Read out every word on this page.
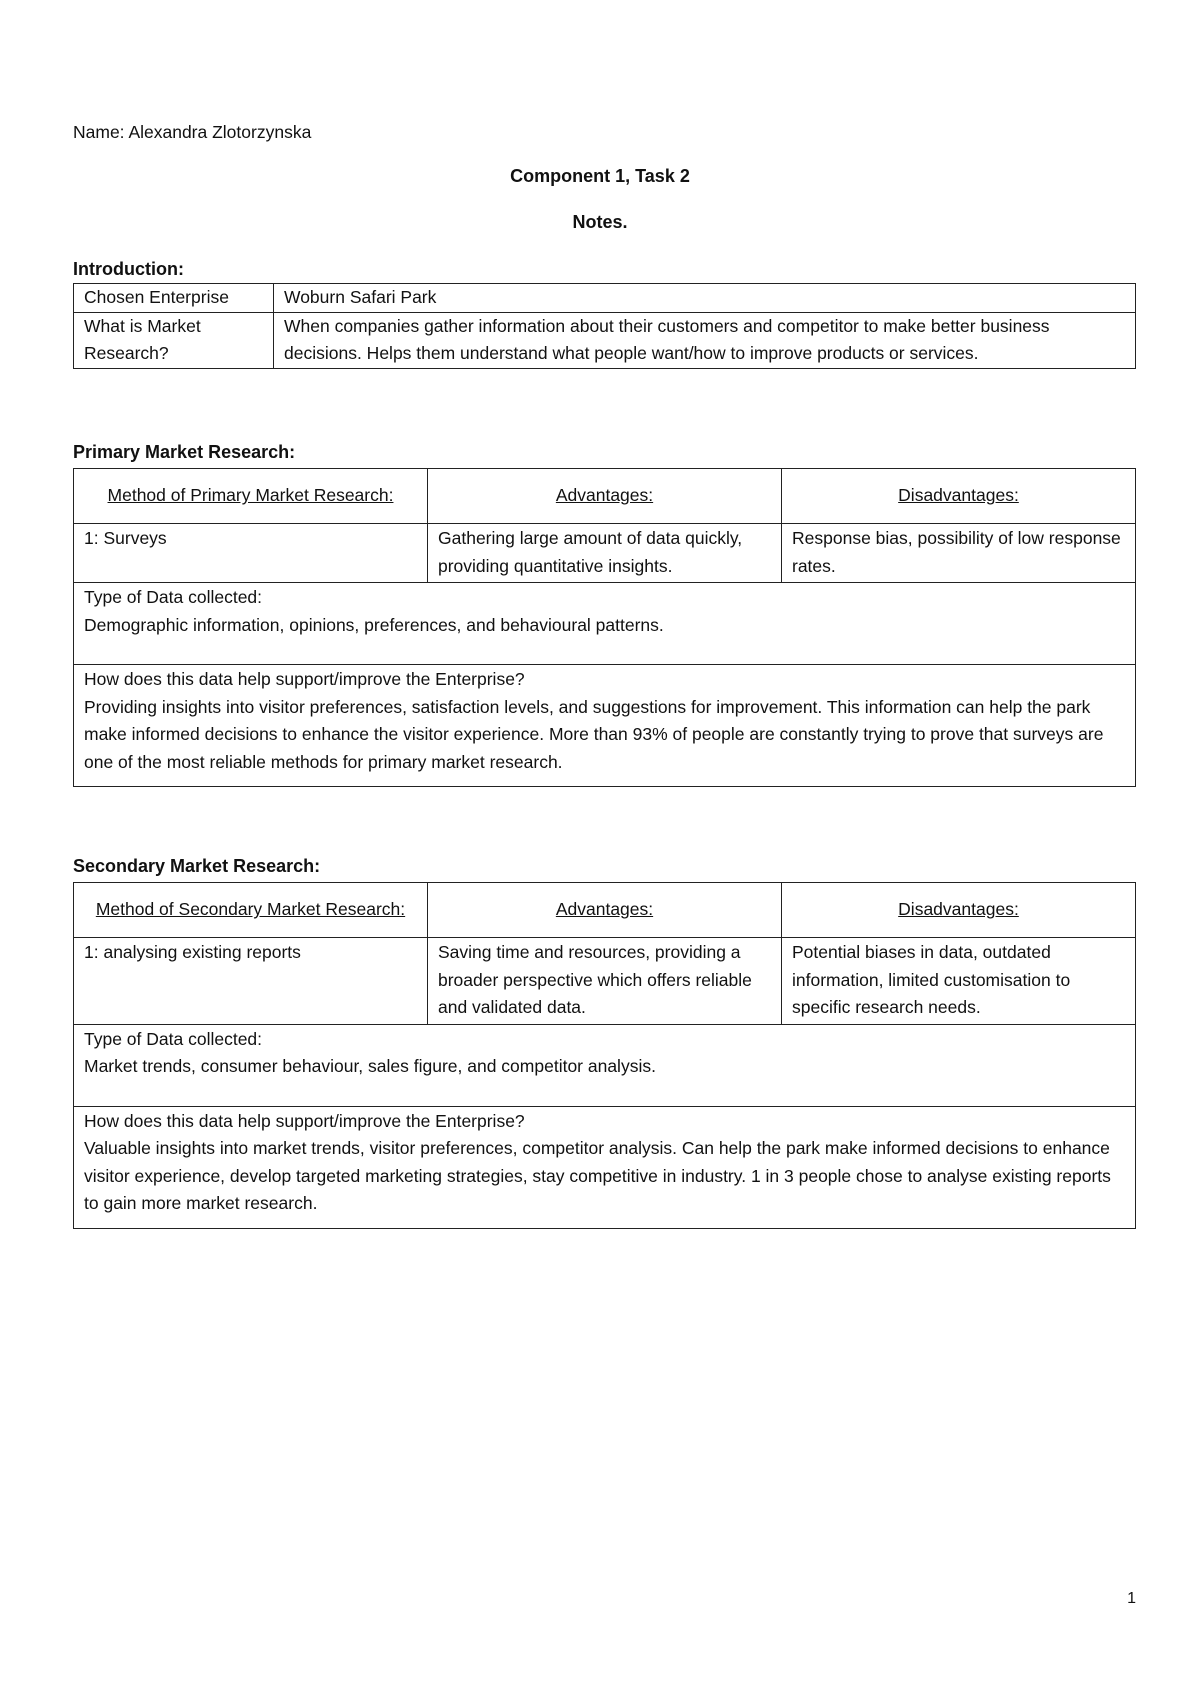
Name: Alexandra Zlotorzynska
Component 1, Task 2
Notes.
Introduction:
Chosen Enterprise	Woburn Safari Park
What is Market Research?	When companies gather information about their customers and competitor to make better business decisions. Helps them understand what people want/how to improve products or services.
Primary Market Research:
Method of Primary Market Research:	Advantages:	Disadvantages:
1: Surveys	Gathering large amount of data quickly, providing quantitative insights.	Response bias, possibility of low response rates.

Type of Data collected:
Demographic information, opinions, preferences, and behavioural patterns.		

How does this data help support/improve the Enterprise?
Providing insights into visitor preferences, satisfaction levels, and suggestions for improvement. This information can help the park make informed decisions to enhance the visitor experience. More than 93% of people are constantly trying to prove that surveys are one of the most reliable methods for primary market research.		
Secondary Market Research:
Method of Secondary Market Research:	Advantages:	Disadvantages:
1: analysing existing reports	Saving time and resources, providing a broader perspective which offers reliable and validated data.	Potential biases in data, outdated information, limited customisation to specific research needs.

Type of Data collected:
Market trends, consumer behaviour, sales figure, and competitor analysis.		

How does this data help support/improve the Enterprise?
Valuable insights into market trends, visitor preferences, competitor analysis. Can help the park make informed decisions to enhance visitor experience, develop targeted marketing strategies, stay competitive in industry. 1 in 3 people chose to analyse existing reports to gain more market research.		
1
